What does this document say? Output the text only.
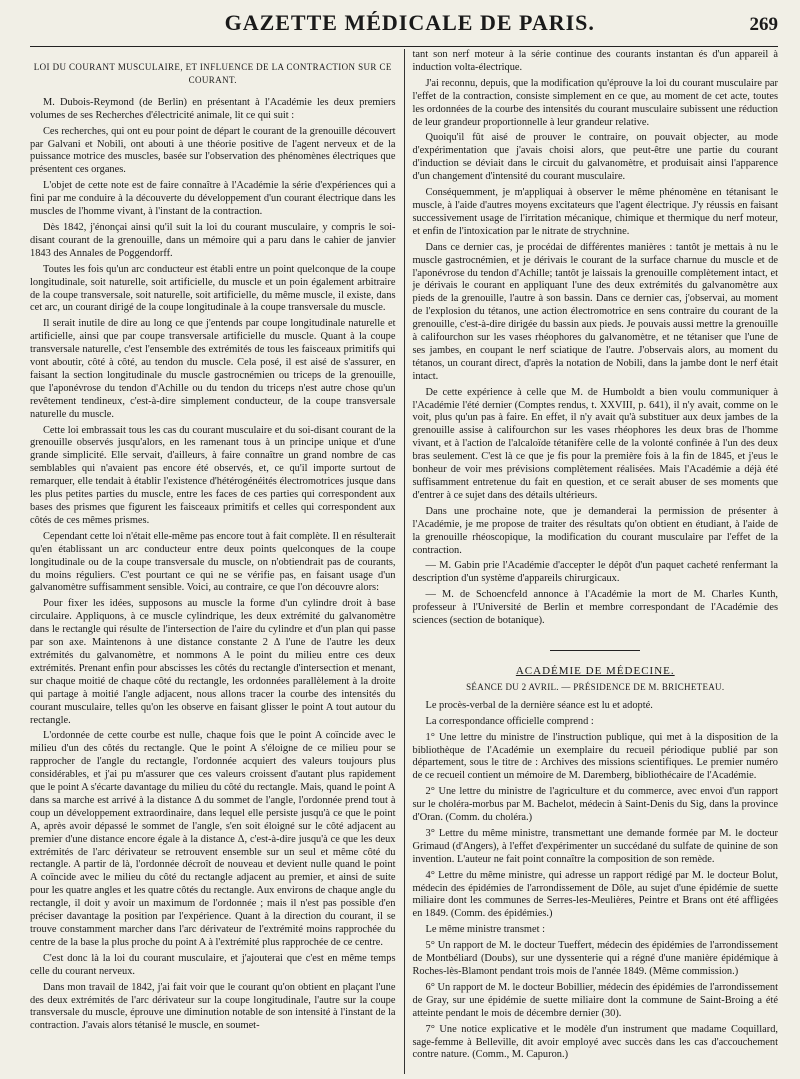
GAZETTE MÉDICALE DE PARIS.	269

LOI DU COURANT MUSCULAIRE, ET INFLUENCE DE LA CONTRACTION SUR CE COURANT.

M. Dubois-Reymond (de Berlin) en présentant à l'Académie les deux premiers volumes de ses Recherches d'électricité animale, lit ce qui suit :

Ces recherches, qui ont eu pour point de départ le courant de la grenouille découvert par Galvani et Nobili, ont abouti à une théorie positive de l'agent nerveux et de la puissance motrice des muscles, basée sur l'observation des phénomènes électriques que présentent ces organes.

L'objet de cette note est de faire connaître à l'Académie la série d'expériences qui a fini par me conduire à la découverte du développement d'un courant électrique dans les muscles de l'homme vivant, à l'instant de la contraction.

Dès 1842, j'énonçai ainsi qu'il suit la loi du courant musculaire, y compris le soi-disant courant de la grenouille, dans un mémoire qui a paru dans le cahier de janvier 1843 des Annales de Poggendorff.

Toutes les fois qu'un arc conducteur est établi entre un point quelconque de la coupe longitudinale, soit naturelle, soit artificielle, du muscle et un poin également arbitraire de la coupe transversale, soit naturelle, soit artificielle, du même muscle, il existe, dans cet arc, un courant dirigé de la coupe longitudinale à la coupe transversale du muscle.

Il serait inutile de dire au long ce que j'entends par coupe longitudinale naturelle et artificielle, ainsi que par coupe transversale artificielle du muscle. Quant à la coupe transversale naturelle, c'est l'ensemble des extrémités de tous les faisceaux primitifs qui vont aboutir, côté à côté, au tendon du muscle. Cela posé, il est aisé de s'assurer, en faisant la section longitudinale du muscle gastrocnémien ou triceps de la grenouille, que l'aponévrose du tendon d'Achille ou du tendon du triceps n'est autre chose qu'un revêtement tendineux, c'est-à-dire simplement conducteur, de la coupe transversale naturelle du muscle.

Cette loi embrassait tous les cas du courant musculaire et du soi-disant courant de la grenouille observés jusqu'alors, en les ramenant tous à un principe unique et d'une grande simplicité. Elle servait, d'ailleurs, à faire connaître un grand nombre de cas semblables qui n'avaient pas encore été observés, et, ce qu'il importe surtout de remarquer, elle tendait à établir l'existence d'hétérogénéités électromotrices jusque dans les plus petites parties du muscle, entre les faces de ces parties qui correspondent aux bases des prismes que figurent les faisceaux primitifs et celles qui correspondent aux côtés de ces mêmes prismes.

Cependant cette loi n'était elle-même pas encore tout à fait complète. Il en résulterait qu'en établissant un arc conducteur entre deux points quelconques de la coupe longitudinale ou de la coupe transversale du muscle, on n'obtiendrait pas de courants, du moins réguliers. C'est pourtant ce qui ne se vérifie pas, en faisant usage d'un galvanomètre suffisamment sensible. Voici, au contraire, ce que l'on découvre alors:

Pour fixer les idées, supposons au muscle la forme d'un cylindre droit à base circulaire. Appliquons, à ce muscle cylindrique, les deux extrémité du galvanomètre dans le rectangle qui résulte de l'intersection de l'aire du cylindre et d'un plan qui passe par son axe. Maintenons à une distance constante 2 Δ l'une de l'autre les deux extrémités du galvanomètre, et nommons A le point du milieu entre ces deux extrémités. Prenant enfin pour abscisses les côtés du rectangle d'intersection et menant, sur chaque moitié de chaque côté du rectangle, les ordonnées parallèlement à la droite qui partage à moitié l'angle adjacent, nous allons tracer la courbe des intensités du courant musculaire, telles qu'on les observe en faisant glisser le point A tout autour du rectangle.

L'ordonnée de cette courbe est nulle, chaque fois que le point A coïncide avec le milieu d'un des côtés du rectangle. Que le point A s'éloigne de ce milieu pour se rapprocher de l'angle du rectangle, l'ordonnée acquiert des valeurs toujours plus considérables, et j'ai pu m'assurer que ces valeurs croissent d'autant plus rapidement que le point A s'écarte davantage du milieu du côté du rectangle. Mais, quand le point A dans sa marche est arrivé à la distance Δ du sommet de l'angle, l'ordonnée prend tout à coup un développement extraordinaire, dans lequel elle persiste jusqu'à ce que le point A, après avoir dépassé le sommet de l'angle, s'en soit éloigné sur le côté adjacent au premier d'une distance encore égale à la distance Δ, c'est-à-dire jusqu'à ce que les deux extrémités de l'arc dérivateur se retrouvent ensemble sur un seul et même côté du rectangle. A partir de là, l'ordonnée décroît de nouveau et devient nulle quand le point A coïncide avec le milieu du côté du rectangle adjacent au premier, et ainsi de suite pour les quatre angles et les quatre côtés du rectangle. Aux environs de chaque angle du rectangle, il doit y avoir un maximum de l'ordonnée ; mais il n'est pas possible d'en préciser davantage la position par l'expérience. Quant à la direction du courant, il se trouve constamment marcher dans l'arc dérivateur de l'extrémité moins rapprochée du centre de la base la plus proche du point A à l'extrémité plus rapprochée de ce centre.

C'est donc là la loi du courant musculaire, et j'ajouterai que c'est en même temps celle du courant nerveux.

Dans mon travail de 1842, j'ai fait voir que le courant qu'on obtient en plaçant l'une des deux extrémités de l'arc dérivateur sur la coupe longitudinale, l'autre sur la coupe transversale du muscle, éprouve une diminution notable de son intensité à l'instant de la contraction. J'avais alors tétanisé le muscle, en soumet-

tant son nerf moteur à la série continue des courants instantan és d'un appareil à induction volta-électrique.

J'ai reconnu, depuis, que la modification qu'éprouve la loi du courant musculaire par l'effet de la contraction, consiste simplement en ce que, au moment de cet acte, toutes les ordonnées de la courbe des intensités du courant musculaire subissent une réduction de leur grandeur proportionnelle à leur grandeur relative.

Quoiqu'il fût aisé de prouver le contraire, on pouvait objecter, au mode d'expérimentation que j'avais choisi alors, que peut-être une partie du courant d'induction se déviait dans le circuit du galvanomètre, et produisait ainsi l'apparence d'un changement d'intensité du courant musculaire.

Conséquemment, je m'appliquai à observer le même phénomène en tétanisant le muscle, à l'aide d'autres moyens excitateurs que l'agent électrique. J'y réussis en faisant successivement usage de l'irritation mécanique, chimique et thermique du nerf moteur, et enfin de l'intoxication par le nitrate de strychnine.

Dans ce dernier cas, je procédai de différentes manières : tantôt je mettais à nu le muscle gastrocnémien, et je dérivais le courant de la surface charnue du muscle et de l'aponévrose du tendon d'Achille; tantôt je laissais la grenouille complètement intact, et je dérivais le courant en appliquant l'une des deux extrémités du galvanomètre aux pieds de la grenouille, l'autre à son bassin. Dans ce dernier cas, j'observai, au moment de l'explosion du tétanos, une action électromotrice en sens contraire du courant de la grenouille, c'est-à-dire dirigée du bassin aux pieds. Je pouvais aussi mettre la grenouille à califourchon sur les vases rhéophores du galvanomètre, et ne tétaniser que l'une de ses jambes, en coupant le nerf sciatique de l'autre. J'observais alors, au moment du tétanos, un courant direct, d'après la notation de Nobili, dans la jambe dont le nerf était intact.

De cette expérience à celle que M. de Humboldt a bien voulu communiquer à l'Académie l'été dernier (Comptes rendus, t. XXVIII, p. 641), il n'y avait, comme on le voit, plus qu'un pas à faire. En effet, il n'y avait qu'à substituer aux deux jambes de la grenouille assise à califourchon sur les vases rhéophores les deux bras de l'homme vivant, et à l'action de l'alcaloïde tétanifère celle de la volonté confinée à l'un des deux bras seulement. C'est là ce que je fis pour la première fois à la fin de 1845, et j'eus le bonheur de voir mes prévisions complètement réalisées. Mais l'Académie a déjà été suffisamment entretenue du fait en question, et ce serait abuser de ses moments que d'entrer à ce sujet dans des détails ultérieurs.

Dans une prochaine note, que je demanderai la permission de présenter à l'Académie, je me propose de traiter des résultats qu'on obtient en étudiant, à l'aide de la grenouille rhéoscopique, la modification du courant musculaire par l'effet de la contraction.

— M. Gabin prie l'Académie d'accepter le dépôt d'un paquet cacheté renfermant la description d'un système d'appareils chirurgicaux.

— M. de Schoencfeld annonce à l'Académie la mort de M. Charles Kunth, professeur à l'Université de Berlin et membre correspondant de l'Académie des sciences (section de botanique).

ACADÉMIE DE MÉDECINE.

SÉANCE DU 2 AVRIL. — PRÉSIDENCE DE M. BRICHETEAU.

Le procès-verbal de la dernière séance est lu et adopté.

La correspondance officielle comprend :

1° Une lettre du ministre de l'instruction publique, qui met à la disposition de la bibliothèque de l'Académie un exemplaire du recueil périodique publié par son département, sous le titre de : Archives des missions scientifiques. Le premier numéro de ce recueil contient un mémoire de M. Daremberg, bibliothécaire de l'Académie.

2° Une lettre du ministre de l'agriculture et du commerce, avec envoi d'un rapport sur le choléra-morbus par M. Bachelot, médecin à Saint-Denis du Sig, dans la province d'Oran. (Comm. du choléra.)

3° Lettre du même ministre, transmettant une demande formée par M. le docteur Grimaud (d'Angers), à l'effet d'expérimenter un succédané du sulfate de quinine de son invention. L'auteur ne fait point connaître la composition de son remède.

4° Lettre du même ministre, qui adresse un rapport rédigé par M. le docteur Bolut, médecin des épidémies de l'arrondissement de Dôle, au sujet d'une épidémie de suette miliaire dont les communes de Serres-les-Meulières, Peintre et Brans ont été affligées en 1849. (Comm. des épidémies.)

Le même ministre transmet :

5° Un rapport de M. le docteur Tueffert, médecin des épidémies de l'arrondissement de Montbéliard (Doubs), sur une dyssenterie qui a régné d'une manière épidémique à Roches-lès-Blamont pendant trois mois de l'année 1849. (Même commission.)

6° Un rapport de M. le docteur Bobillier, médecin des épidémies de l'arrondissement de Gray, sur une épidémie de suette miliaire dont la commune de Saint-Broing a été atteinte pendant le mois de décembre dernier (30).

7° Une notice explicative et le modèle d'un instrument que madame Coquillard, sage-femme à Belleville, dit avoir employé avec succès dans les cas d'accouchement contre nature. (Comm., M. Capuron.)
